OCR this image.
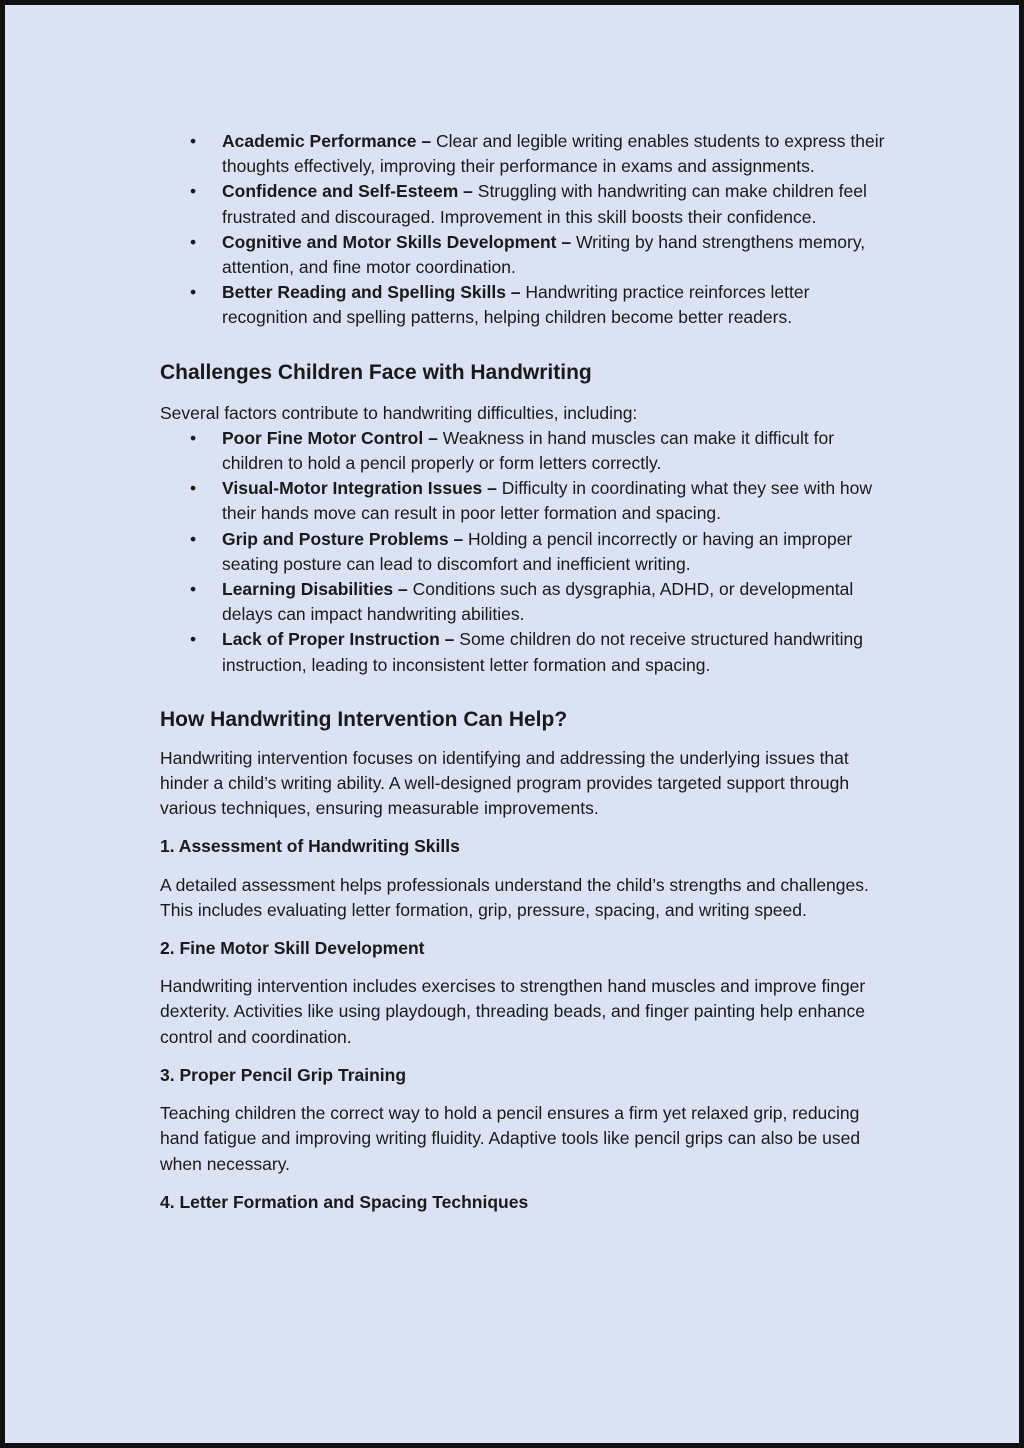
• Academic Performance – Clear and legible writing enables students to express their thoughts effectively, improving their performance in exams and assignments.
• Confidence and Self-Esteem – Struggling with handwriting can make children feel frustrated and discouraged. Improvement in this skill boosts their confidence.
• Cognitive and Motor Skills Development – Writing by hand strengthens memory, attention, and fine motor coordination.
• Better Reading and Spelling Skills – Handwriting practice reinforces letter recognition and spelling patterns, helping children become better readers.
Challenges Children Face with Handwriting

Several factors contribute to handwriting difficulties, including:

• Poor Fine Motor Control – Weakness in hand muscles can make it difficult for children to hold a pencil properly or form letters correctly.
• Visual-Motor Integration Issues – Difficulty in coordinating what they see with how their hands move can result in poor letter formation and spacing.
• Grip and Posture Problems – Holding a pencil incorrectly or having an improper seating posture can lead to discomfort and inefficient writing.
• Learning Disabilities – Conditions such as dysgraphia, ADHD, or developmental delays can impact handwriting abilities.
• Lack of Proper Instruction – Some children do not receive structured handwriting instruction, leading to inconsistent letter formation and spacing.
How Handwriting Intervention Can Help?

Handwriting intervention focuses on identifying and addressing the underlying issues that hinder a child’s writing ability. A well-designed program provides targeted support through various techniques, ensuring measurable improvements.

1. Assessment of Handwriting Skills

A detailed assessment helps professionals understand the child’s strengths and challenges. This includes evaluating letter formation, grip, pressure, spacing, and writing speed.

2. Fine Motor Skill Development

Handwriting intervention includes exercises to strengthen hand muscles and improve finger dexterity. Activities like using playdough, threading beads, and finger painting help enhance control and coordination.

3. Proper Pencil Grip Training

Teaching children the correct way to hold a pencil ensures a firm yet relaxed grip, reducing hand fatigue and improving writing fluidity. Adaptive tools like pencil grips can also be used when necessary.

4. Letter Formation and Spacing Techniques
